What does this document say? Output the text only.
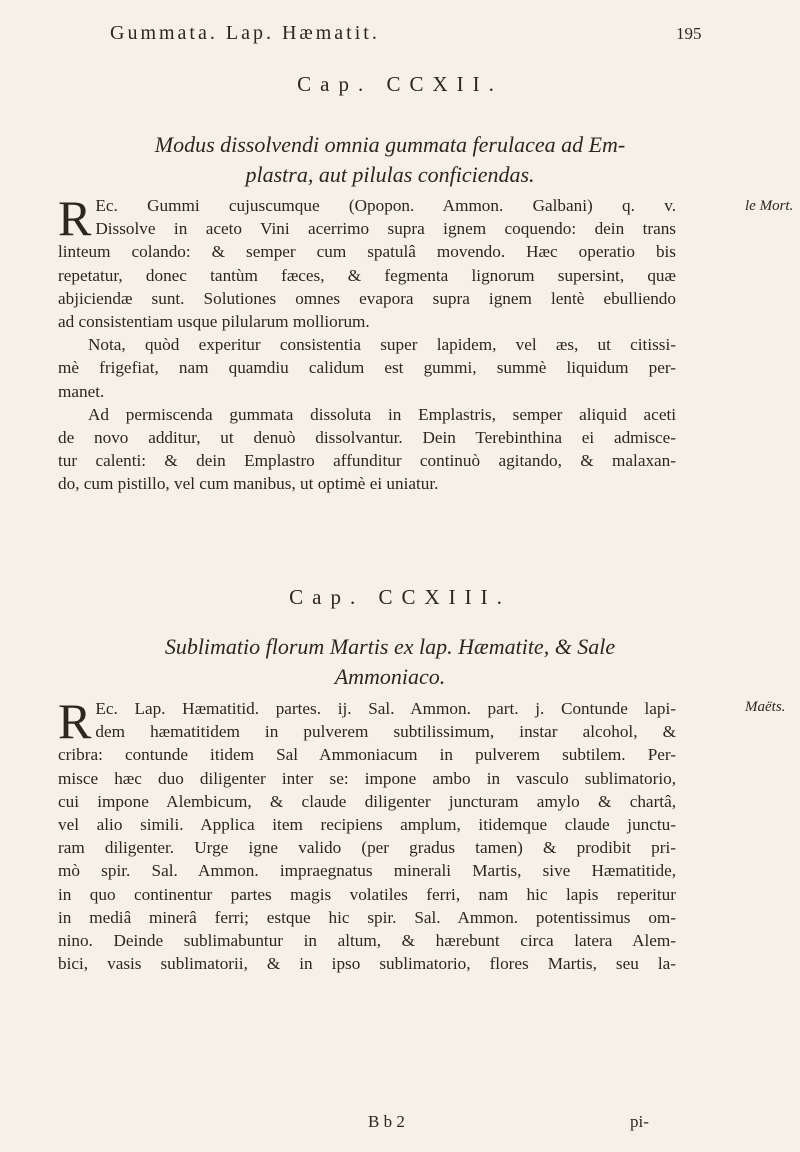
Gummata. Lap. Hæmatit.	195
Cap. CCXII.
Modus dissolvendi omnia gummata ferulacea ad Em-
plastra, aut pilulas conficiendas.
le Mort.
R Ec. Gummi cujuscumque (Opopon. Ammon. Galbani) q. v.
Dissolve in aceto Vini acerrimo supra ignem coquendo: dein trans
linteum colando: & semper cum spatulâ movendo. Hæc operatio bis
repetatur, donec tantùm fæces, & fegmenta lignorum supersint, quæ
abjiciendæ sunt. Solutiones omnes evapora supra ignem lentè ebulliendo
ad consistentiam usque pilularum molliorum.
Nota, quòd experitur consistentia super lapidem, vel æs, ut citissi-
mè frigefiat, nam quamdiu calidum est gummi, summè liquidum per-
manet.
Ad permiscenda gummata dissoluta in Emplastris, semper aliquid aceti
de novo additur, ut denuò dissolvantur. Dein Terebinthina ei admisce-
tur calenti: & dein Emplastro affunditur continuò agitando, & malaxan-
do, cum pistillo, vel cum manibus, ut optimè ei uniatur.
Cap. CCXIII.
Sublimatio florum Martis ex lap. Hæmatite, & Sale
Ammoniaco.
Maëts.
R Ec. Lap. Hæmatitid. partes. ij. Sal. Ammon. part. j. Contunde lapi-
dem hæmatitidem in pulverem subtilissimum, instar alcohol, &
cribra: contunde itidem Sal Ammoniacum in pulverem subtilem. Per-
misce hæc duo diligenter inter se: impone ambo in vasculo sublimatorio,
cui impone Alembicum, & claude diligenter juncturam amylo & chartâ,
vel alio simili. Applica item recipiens amplum, itidemque claude junctu-
ram diligenter. Urge igne valido (per gradus tamen) & prodibit pri-
mò spir. Sal. Ammon. impraegnatus minerali Martis, sive Hæmatitide,
in quo continentur partes magis volatiles ferri, nam hic lapis reperitur
in mediâ minerâ ferri; estque hic spir. Sal. Ammon. potentissimus om-
nino. Deinde sublimabuntur in altum, & hærebunt circa latera Alem-
bici, vasis sublimatorii, & in ipso sublimatorio, flores Martis, seu la-
B b 2	pi-
